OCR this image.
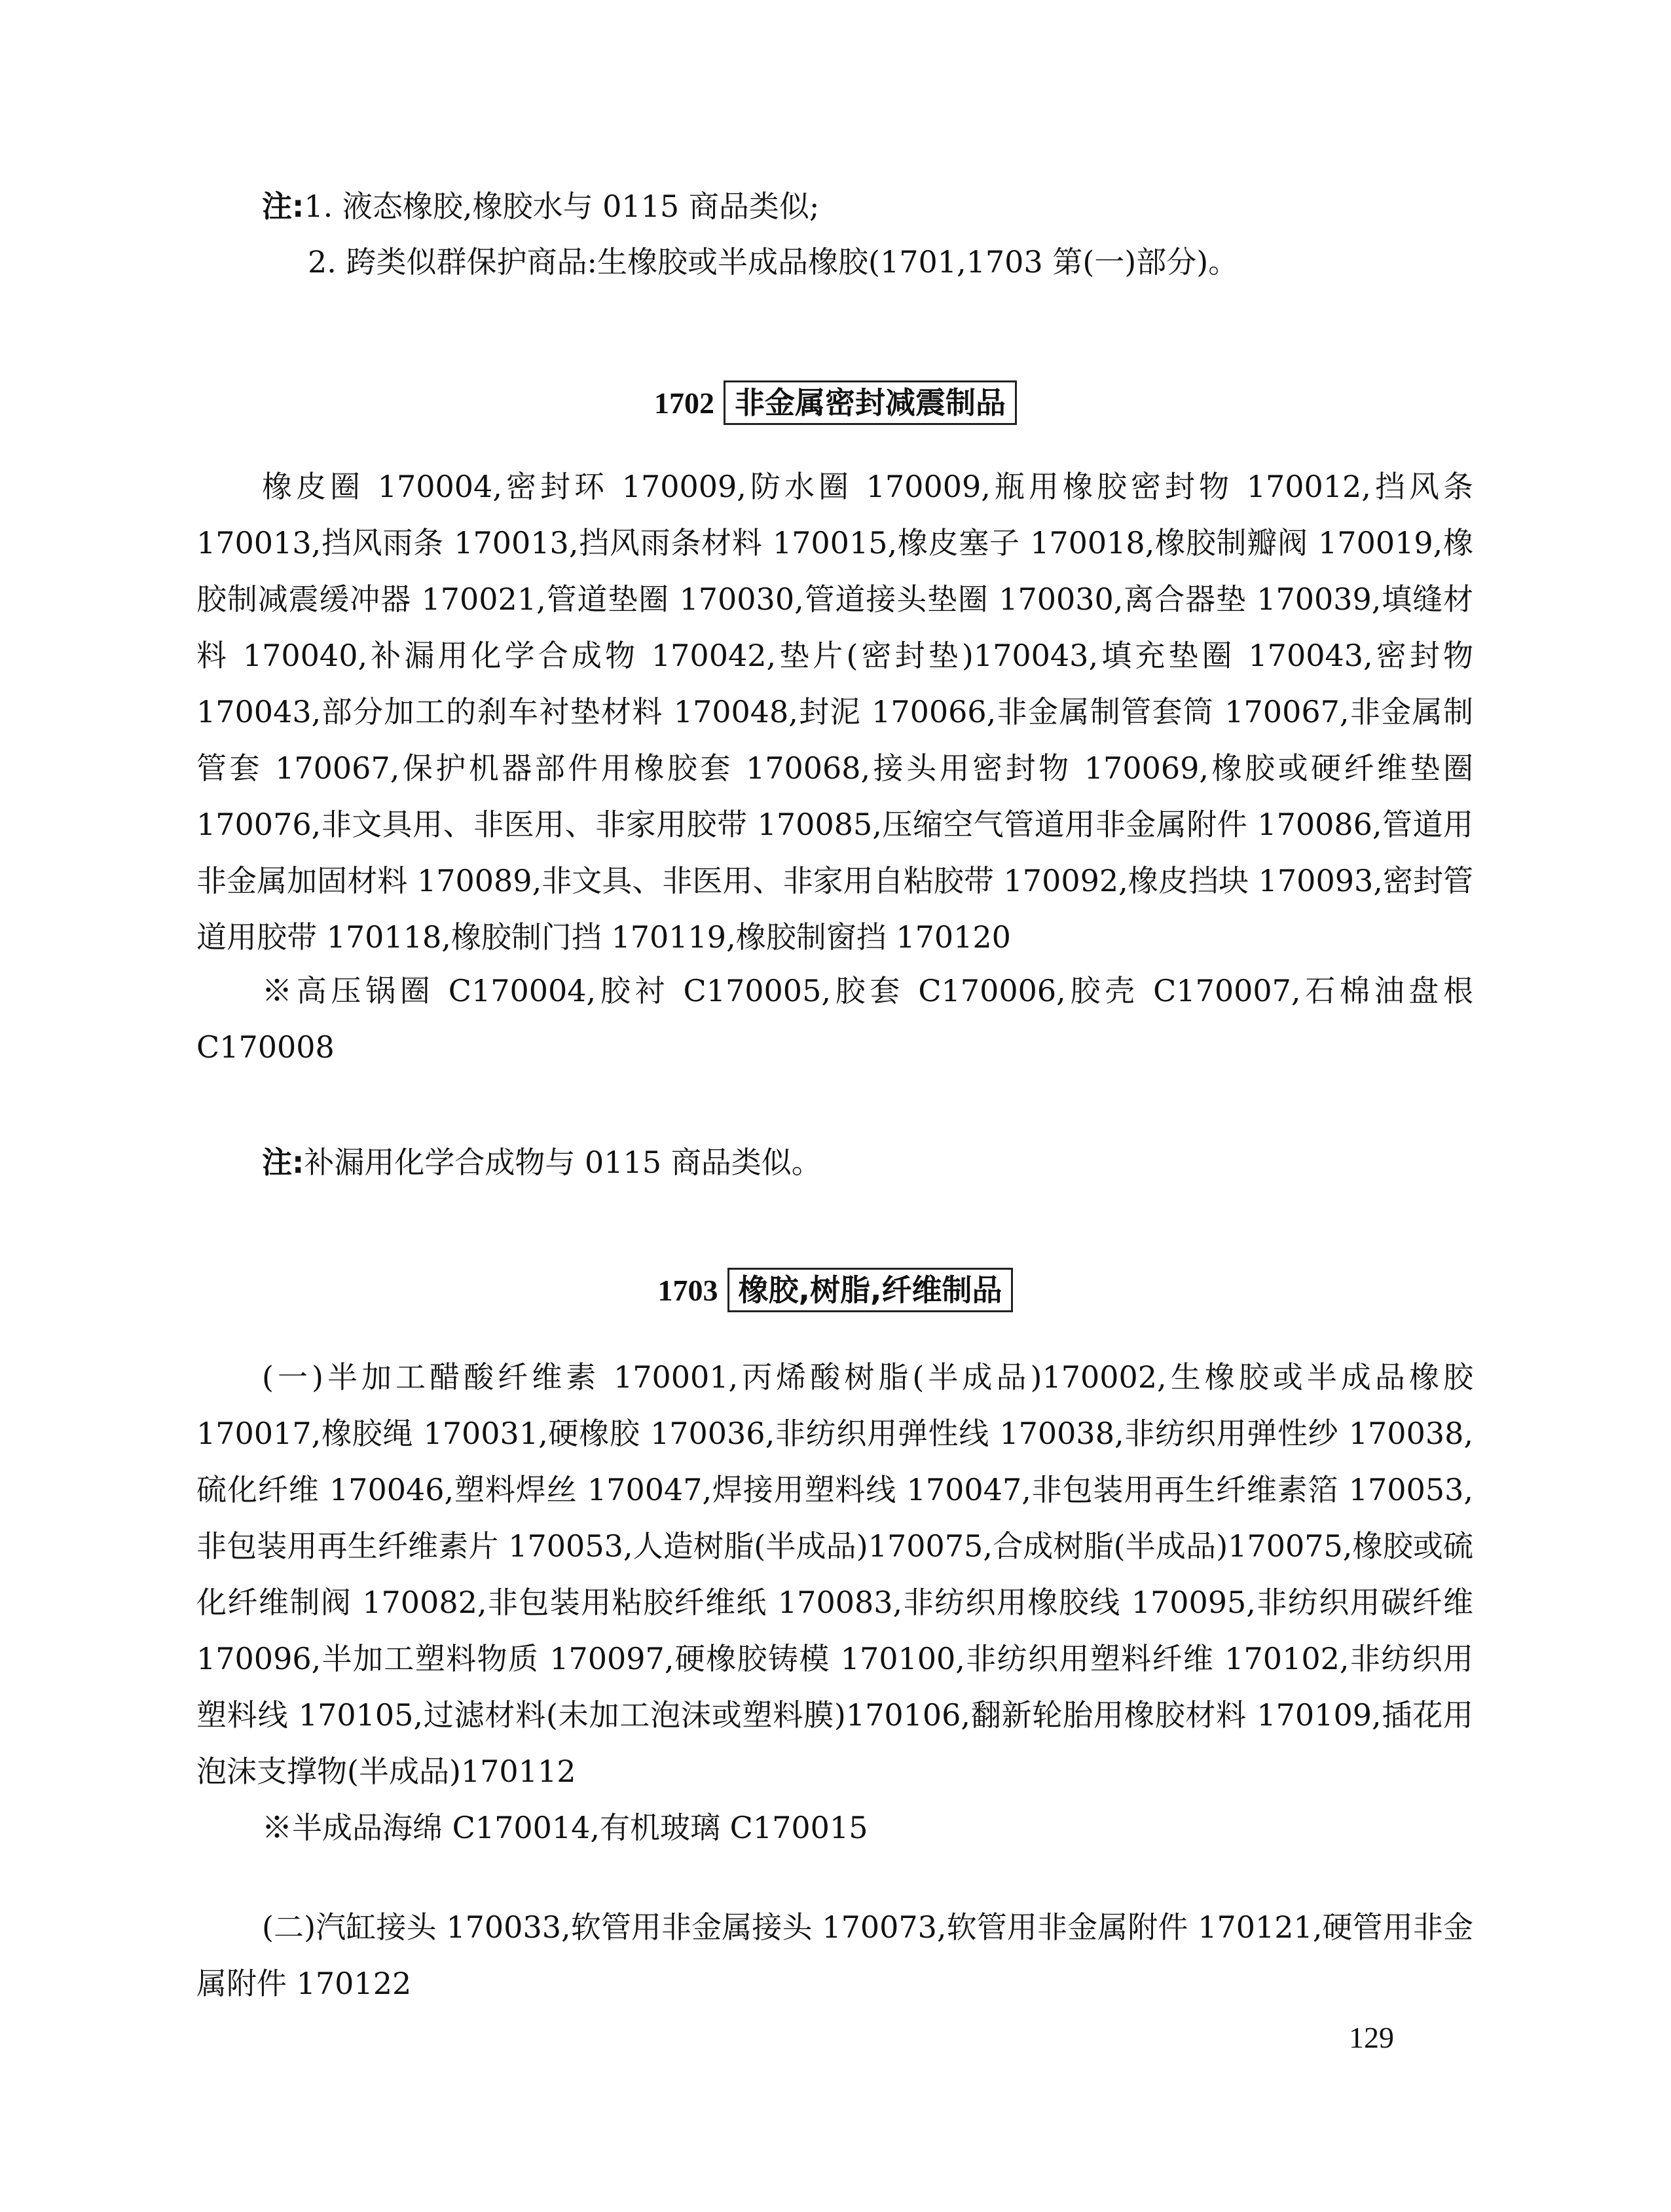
注:1. 液态橡胶,橡胶水与 0115 商品类似;
2. 跨类似群保护商品:生橡胶或半成品橡胶(1701,1703 第(一)部分)。
1702 非金属密封减震制品

橡皮圈 170004,密封环 170009,防水圈 170009,瓶用橡胶密封物 170012,挡风条 170013,挡风雨条 170013,挡风雨条材料 170015,橡皮塞子 170018,橡胶制瓣阀 170019,橡胶制减震缓冲器 170021,管道垫圈 170030,管道接头垫圈 170030,离合器垫 170039,填缝材料 170040,补漏用化学合成物 170042,垫片(密封垫)170043,填充垫圈 170043,密封物 170043,部分加工的刹车衬垫材料 170048,封泥 170066,非金属制管套筒 170067,非金属制管套 170067,保护机器部件用橡胶套 170068,接头用密封物 170069,橡胶或硬纤维垫圈 170076,非文具用、非医用、非家用胶带 170085,压缩空气管道用非金属附件 170086,管道用非金属加固材料 170089,非文具、非医用、非家用自粘胶带 170092,橡皮挡块 170093,密封管道用胶带 170118,橡胶制门挡 170119,橡胶制窗挡 170120

※高压锅圈 C170004,胶衬 C170005,胶套 C170006,胶壳 C170007,石棉油盘根 C170008

注:补漏用化学合成物与 0115 商品类似。
1703 橡胶,树脂,纤维制品

(一)半加工醋酸纤维素 170001,丙烯酸树脂(半成品)170002,生橡胶或半成品橡胶 170017,橡胶绳 170031,硬橡胶 170036,非纺织用弹性线 170038,非纺织用弹性纱 170038,硫化纤维 170046,塑料焊丝 170047,焊接用塑料线 170047,非包装用再生纤维素箔 170053,非包装用再生纤维素片 170053,人造树脂(半成品)170075,合成树脂(半成品)170075,橡胶或硫化纤维制阀 170082,非包装用粘胶纤维纸 170083,非纺织用橡胶线 170095,非纺织用碳纤维 170096,半加工塑料物质 170097,硬橡胶铸模 170100,非纺织用塑料纤维 170102,非纺织用塑料线 170105,过滤材料(未加工泡沫或塑料膜)170106,翻新轮胎用橡胶材料 170109,插花用泡沫支撑物(半成品)170112

※半成品海绵 C170014,有机玻璃 C170015

(二)汽缸接头 170033,软管用非金属接头 170073,软管用非金属附件 170121,硬管用非金属附件 170122

129
